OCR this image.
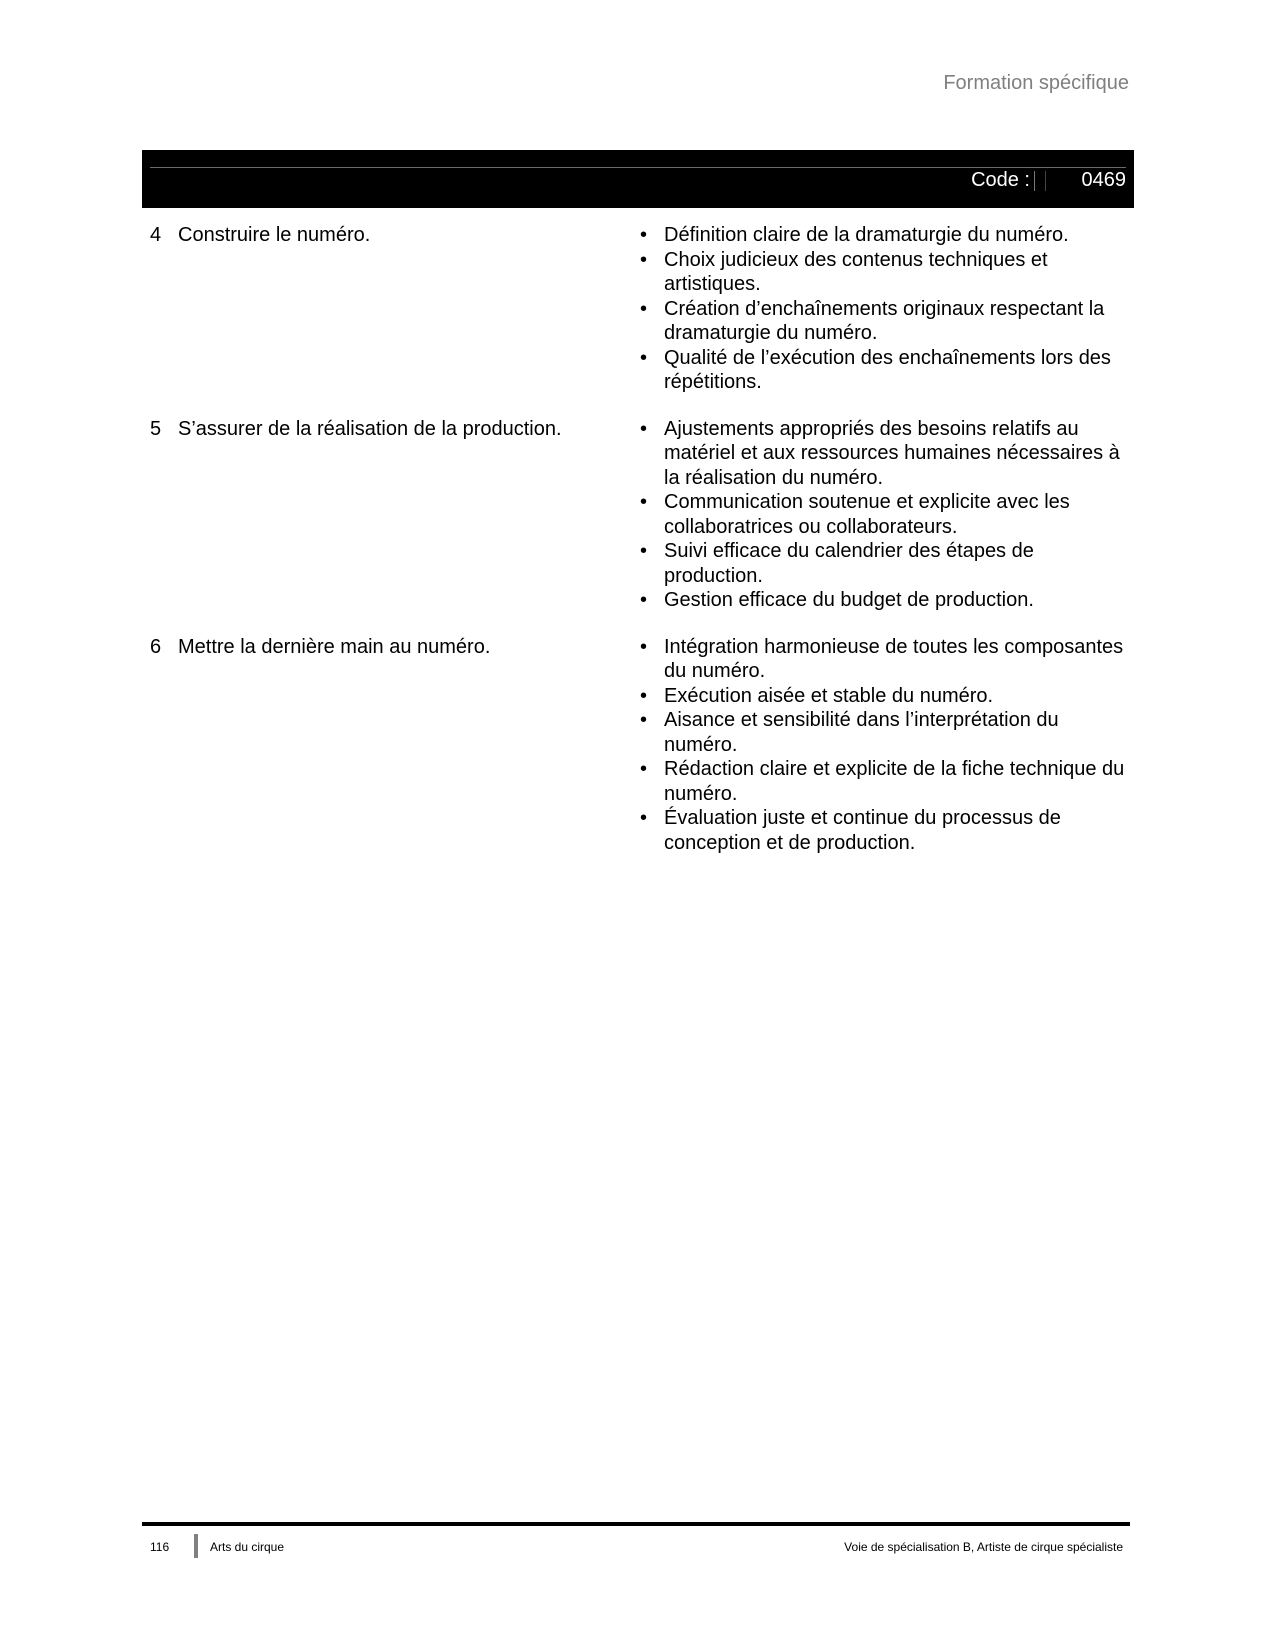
Formation spécifique
Code :	0469
4 Construire le numéro.	• Définition claire de la dramaturgie du numéro.
• Choix judicieux des contenus techniques et artistiques.
• Création d’enchaînements originaux respectant la dramaturgie du numéro.
• Qualité de l’exécution des enchaînements lors des répétitions.
5 S’assurer de la réalisation de la production.	• Ajustements appropriés des besoins relatifs au matériel et aux ressources humaines nécessaires à la réalisation du numéro.
• Communication soutenue et explicite avec les collaboratrices ou collaborateurs.
• Suivi efficace du calendrier des étapes de production.
• Gestion efficace du budget de production.
6 Mettre la dernière main au numéro.	• Intégration harmonieuse de toutes les composantes du numéro.
• Exécution aisée et stable du numéro.
• Aisance et sensibilité dans l’interprétation du numéro.
• Rédaction claire et explicite de la fiche technique du numéro.
• Évaluation juste et continue du processus de conception et de production.
116	Arts du cirque	Voie de spécialisation B, Artiste de cirque spécialiste
